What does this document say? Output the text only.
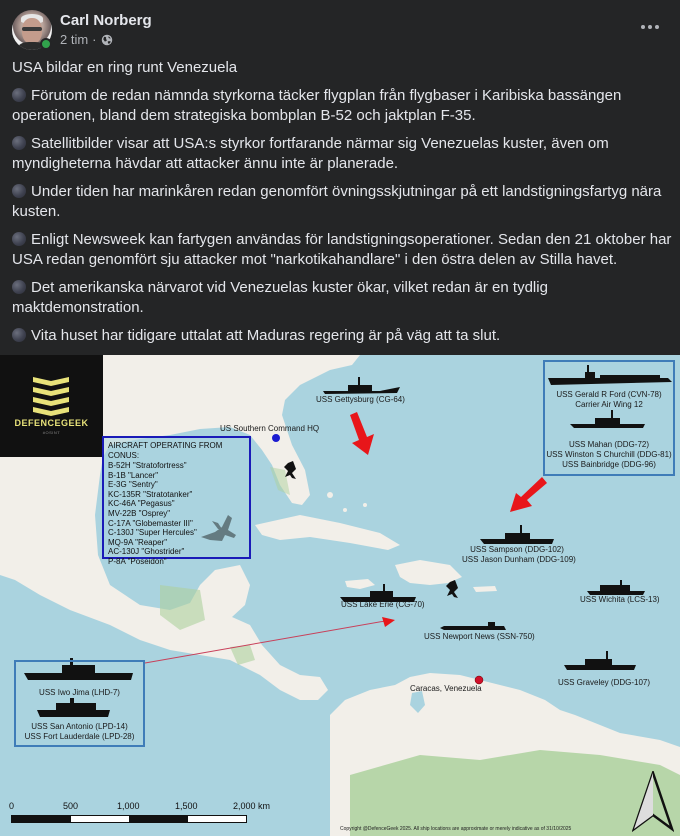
Carl Norberg
2 tim ·

USA bildar en ring runt Venezuela

Förutom de redan nämnda styrkorna täcker flygplan från flygbaser i Karibiska bassängen operationen, bland dem strategiska bombplan B-52 och jaktplan F-35.

Satellitbilder visar att USA:s styrkor fortfarande närmar sig Venezuelas kuster, även om myndigheterna hävdar att attacker ännu inte är planerade.

Under tiden har marinkåren redan genomfört övningsskjutningar på ett landstigningsfartyg nära kusten.

Enligt Newsweek kan fartygen användas för landstigningsoperationer. Sedan den 21 oktober har USA redan genomfört sju attacker mot "narkotikahandlare" i den östra delen av Stilla havet.

Det amerikanska närvarot vid Venezuelas kuster ökar, vilket redan är en tydlig maktdemonstration.

Vita huset har tidigare uttalat att Maduras regering är på väg att ta slut.

DEFENCEGEEK
#OSINT
AIRCRAFT OPERATING FROM CONUS:
B-52H "Stratofortress"
B-1B "Lancer"
E-3G "Sentry"
KC-135R "Stratotanker"
KC-46A "Pegasus"
MV-22B "Osprey"
C-17A "Globemaster III"
C-130J "Super Hercules"
MQ-9A "Reaper"
AC-130J "Ghostrider"
P-8A "Poseidon"
US Southern Command HQ
USS Gettysburg (CG-64)
USS Gerald R Ford (CVN-78)
Carrier Air Wing 12
USS Mahan (DDG-72)
USS Winston S Churchill (DDG-81)
USS Bainbridge (DDG-96)
USS Sampson (DDG-102)
USS Jason Dunham (DDG-109)
USS Lake Erie (CG-70)
USS Wichita (LCS-13)
USS Newport News (SSN-750)
USS Graveley (DDG-107)
Caracas, Venezuela
USS Iwo Jima (LHD-7)
USS San Antonio (LPD-14)
USS Fort Lauderdale (LPD-28)
0	500	1,000	1,500	2,000 km
Copyright @DefenceGeek 2025. All ship locations are approximate or merely indicative as of 31/10/2025
